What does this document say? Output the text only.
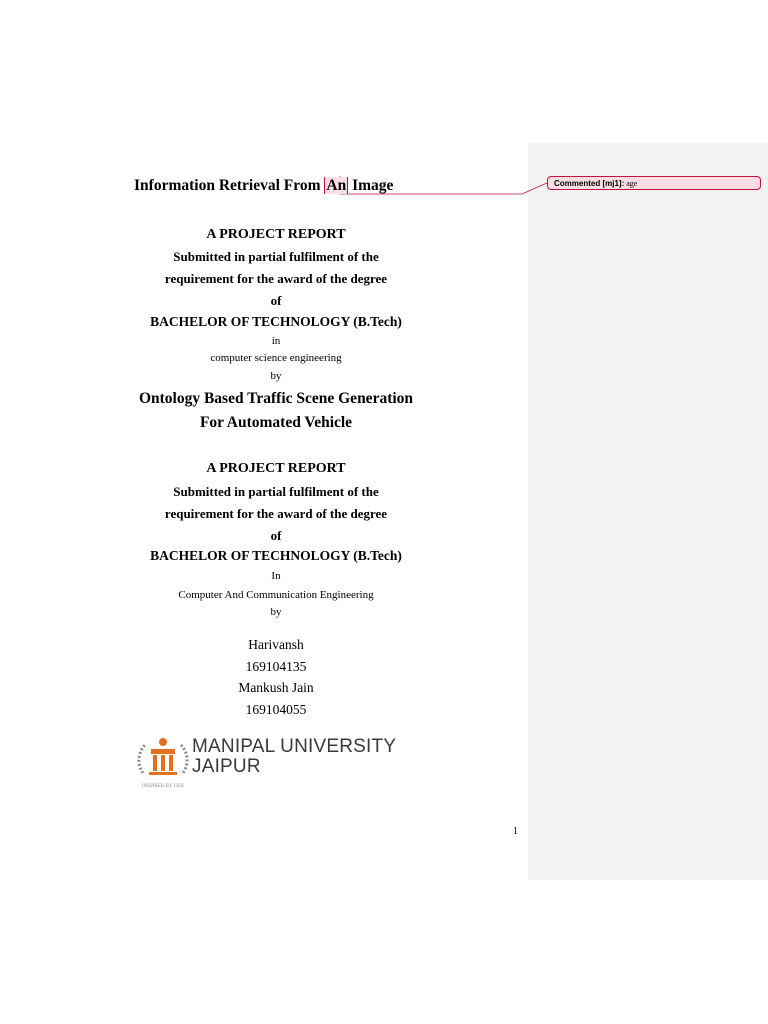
Information Retrieval From An Image	Commented [mj1]: age
A PROJECT REPORT
Submitted in partial fulfilment of the
requirement for the award of the degree
of
BACHELOR OF TECHNOLOGY (B.Tech)
in
computer science engineering
by
Ontology Based Traffic Scene Generation
For Automated Vehicle
A PROJECT REPORT
Submitted in partial fulfilment of the
requirement for the award of the degree
of
BACHELOR OF TECHNOLOGY (B.Tech)
In
Computer And Communication Engineering
by
Harivansh
169104135
Mankush Jain
169104055
INSPIRED BY LIFE
MANIPAL UNIVERSITY
JAIPUR
1
